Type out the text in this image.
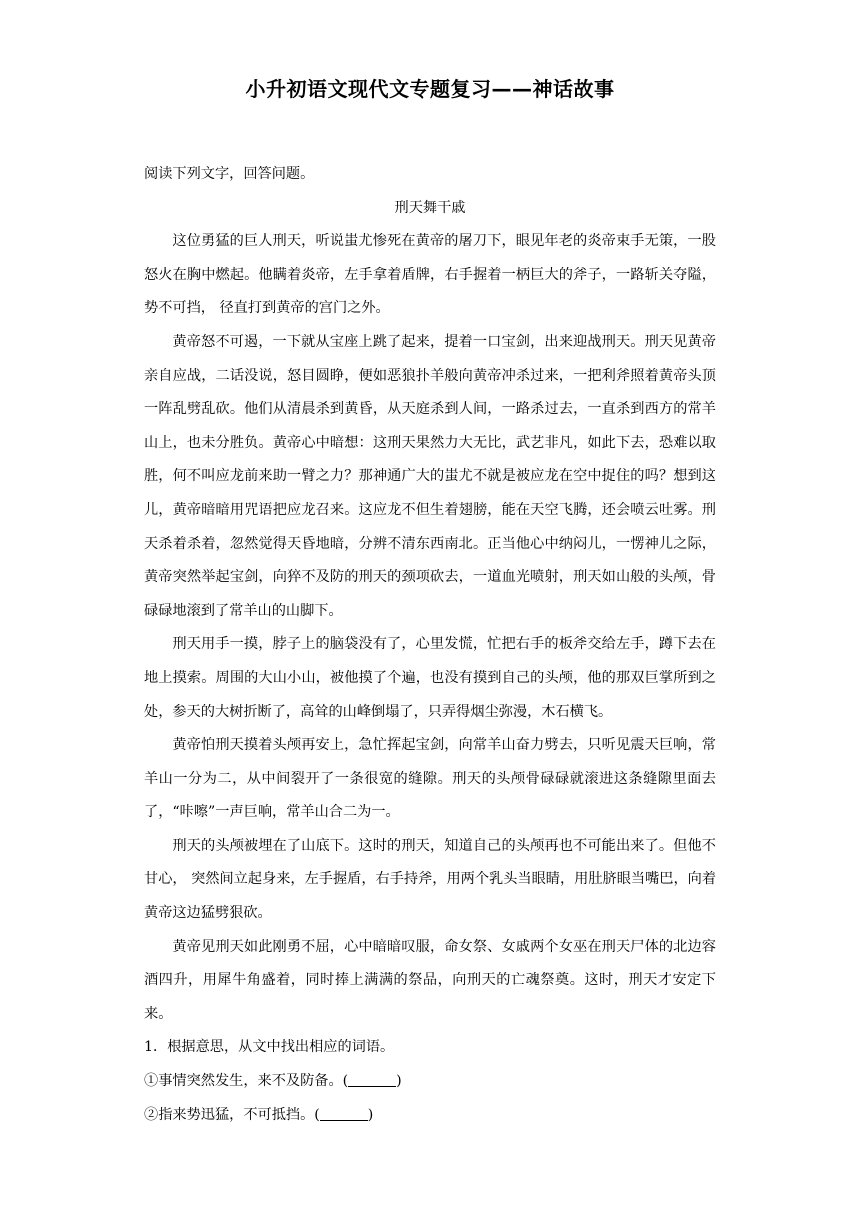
小升初语文现代文专题复习——神话故事

阅读下列文字，回答问题。

刑天舞干戚

这位勇猛的巨人刑天，听说蚩尤惨死在黄帝的屠刀下，眼见年老的炎帝束手无策，一股怒火在胸中燃起。他瞒着炎帝，左手拿着盾牌，右手握着一柄巨大的斧子，一路斩关夺隘，势不可挡， 径直打到黄帝的宫门之外。

黄帝怒不可遏，一下就从宝座上跳了起来，提着一口宝剑，出来迎战刑天。刑天见黄帝亲自应战，二话没说，怒目圆睁，便如恶狼扑羊般向黄帝冲杀过来，一把利斧照着黄帝头顶一阵乱劈乱砍。他们从清晨杀到黄昏，从天庭杀到人间，一路杀过去，一直杀到西方的常羊山上，也未分胜负。黄帝心中暗想：这刑天果然力大无比，武艺非凡，如此下去，恐难以取胜，何不叫应龙前来助一臂之力？那神通广大的蚩尤不就是被应龙在空中捉住的吗？想到这儿，黄帝暗暗用咒语把应龙召来。这应龙不但生着翅膀，能在天空飞腾，还会喷云吐雾。刑天杀着杀着，忽然觉得天昏地暗，分辨不清东西南北。正当他心中纳闷儿，一愣神儿之际，黄帝突然举起宝剑，向猝不及防的刑天的颈项砍去，一道血光喷射，刑天如山般的头颅，骨碌碌地滚到了常羊山的山脚下。

刑天用手一摸，脖子上的脑袋没有了，心里发慌，忙把右手的板斧交给左手，蹲下去在地上摸索。周围的大山小山，被他摸了个遍，也没有摸到自己的头颅，他的那双巨掌所到之处，参天的大树折断了，高耸的山峰倒塌了，只弄得烟尘弥漫，木石横飞。

黄帝怕刑天摸着头颅再安上，急忙挥起宝剑，向常羊山奋力劈去，只听见震天巨响，常羊山一分为二，从中间裂开了一条很宽的缝隙。刑天的头颅骨碌碌就滚进这条缝隙里面去了，“咔嚓”一声巨响，常羊山合二为一。

刑天的头颅被埋在了山底下。这时的刑天，知道自己的头颅再也不可能出来了。但他不甘心， 突然间立起身来，左手握盾，右手持斧，用两个乳头当眼睛，用肚脐眼当嘴巴，向着黄帝这边猛劈狠砍。

黄帝见刑天如此刚勇不屈，心中暗暗叹服，命女祭、女戚两个女巫在刑天尸体的北边容酒四升，用犀牛角盛着，同时捧上满满的祭品，向刑天的亡魂祭奠。这时，刑天才安定下来。

1．根据意思，从文中找出相应的词语。

①事情突然发生，来不及防备。(	)

②指来势迅猛，不可抵挡。(	)
